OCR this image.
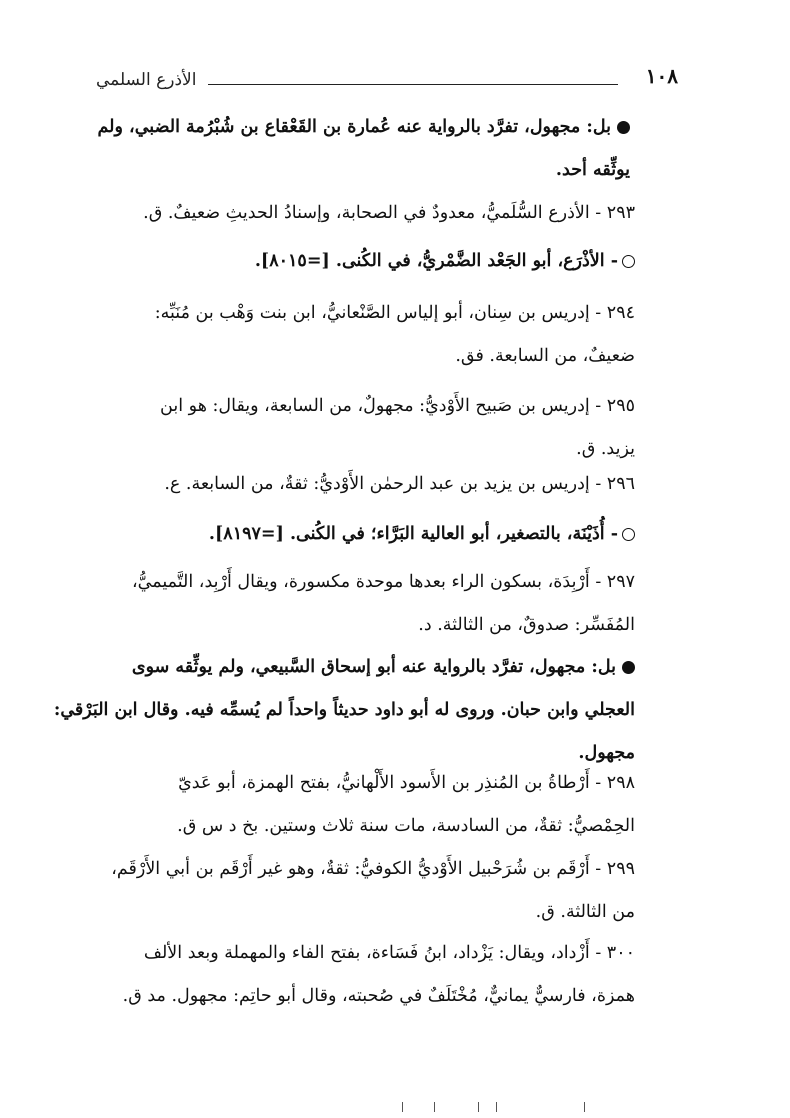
الأذرع السلمي	١٠٨
بل: مجهول، تفرَّد بالرواية عنه عُمارة بن القَعْقاع بن شُبْرُمة الضبي، ولم
يوثِّقه أحد.
٢٩٣ - الأذرع السُّلَميُّ، معدودٌ في الصحابة، وإسنادُ الحديثِ ضعيفٌ. ق.
- الأذْرَع، أبو الجَعْد الضَّمْريُّ، في الكُنى. [=٨٠١٥].
٢٩٤ - إدريس بن سِنان، أبو إلياس الصَّنْعانيُّ، ابن بنت وَهْب بن مُنَبِّه:
ضعيفٌ، من السابعة. فق.
٢٩٥ - إدريس بن صَبيح الأَوْديُّ: مجهولٌ، من السابعة، ويقال: هو ابن
يزيد. ق.
٢٩٦ - إدريس بن يزيد بن عبد الرحمٰن الأَوْديُّ: ثقةٌ، من السابعة. ع.
- أُذَيْنَة، بالتصغير، أبو العالية البَرَّاء؛ في الكُنى. [=٨١٩٧].
٢٩٧ - أَرْبِدَة، بسكون الراء بعدها موحدة مكسورة، ويقال أَرْبِد، التَّميميُّ،
المُفَسِّر: صدوقٌ، من الثالثة. د.
بل: مجهول، تفرَّد بالرواية عنه أبو إسحاق السَّبيعي، ولم يوثِّقه سوى
العجلي وابن حبان. وروى له أبو داود حديثاً واحداً لم يُسمِّه فيه. وقال ابن البَرْقي:
مجهول.
٢٩٨ - أَرْطاةُ بن المُنذِر بن الأَسود الأَلْهانيُّ، بفتح الهمزة، أبو عَديّ
الحِمْصيُّ: ثقةٌ، من السادسة، مات سنة ثلاث وستين. بخ د س ق.
٢٩٩ - أَرْقَم بن شُرَحْبيل الأَوْديُّ الكوفيُّ: ثقةٌ، وهو غير أَرْقَم بن أبي الأَرْقَم،
من الثالثة. ق.
٣٠٠ - أَزْداد، ويقال: يَزْداد، ابنُ فَسَاءة، بفتح الفاء والمهملة وبعد الألف
همزة، فارسيٌّ يمانيٌّ، مُخْتَلَفٌ في صُحبته، وقال أبو حاتِم: مجهول. مد ق.
